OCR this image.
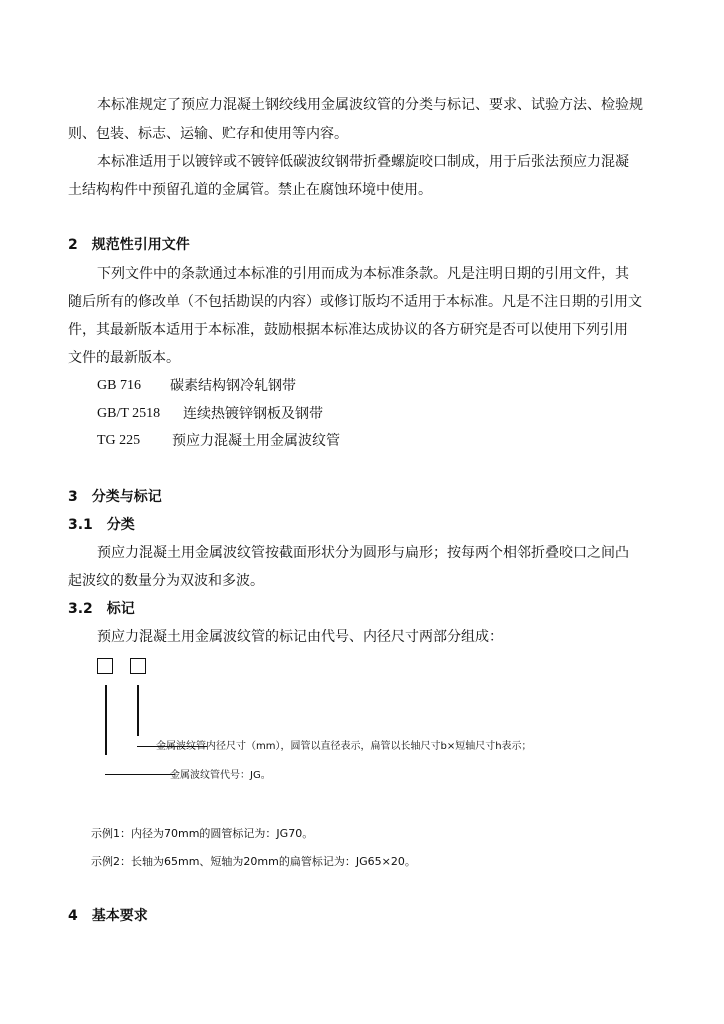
本标准规定了预应力混凝土钢绞线用金属波纹管的分类与标记、要求、试验方法、检验规

则、包装、标志、运输、贮存和使用等内容。

本标准适用于以镀锌或不镀锌低碳波纹钢带折叠螺旋咬口制成，用于后张法预应力混凝

土结构构件中预留孔道的金属管。禁止在腐蚀环境中使用。

2　规范性引用文件

下列文件中的条款通过本标准的引用而成为本标准条款。凡是注明日期的引用文件，其

随后所有的修改单（不包括勘误的内容）或修订版均不适用于本标准。凡是不注日期的引用文

件，其最新版本适用于本标准，鼓励根据本标准达成协议的各方研究是否可以使用下列引用

文件的最新版本。

GB 716 碳素结构钢冷轧钢带

GB/T 2518 连续热镀锌钢板及钢带

TG 225 预应力混凝土用金属波纹管

3　分类与标记

3.1　分类

预应力混凝土用金属波纹管按截面形状分为圆形与扁形；按每两个相邻折叠咬口之间凸

起波纹的数量分为双波和多波。

3.2　标记

预应力混凝土用金属波纹管的标记由代号、内径尺寸两部分组成：

金属波纹管内径尺寸（mm），圆管以直径表示，扁管以长轴尺寸b×短轴尺寸h表示；

金属波纹管代号：JG。

示例1：内径为70mm的圆管标记为：JG70。

示例2：长轴为65mm、短轴为20mm的扁管标记为：JG65×20。

4　基本要求
